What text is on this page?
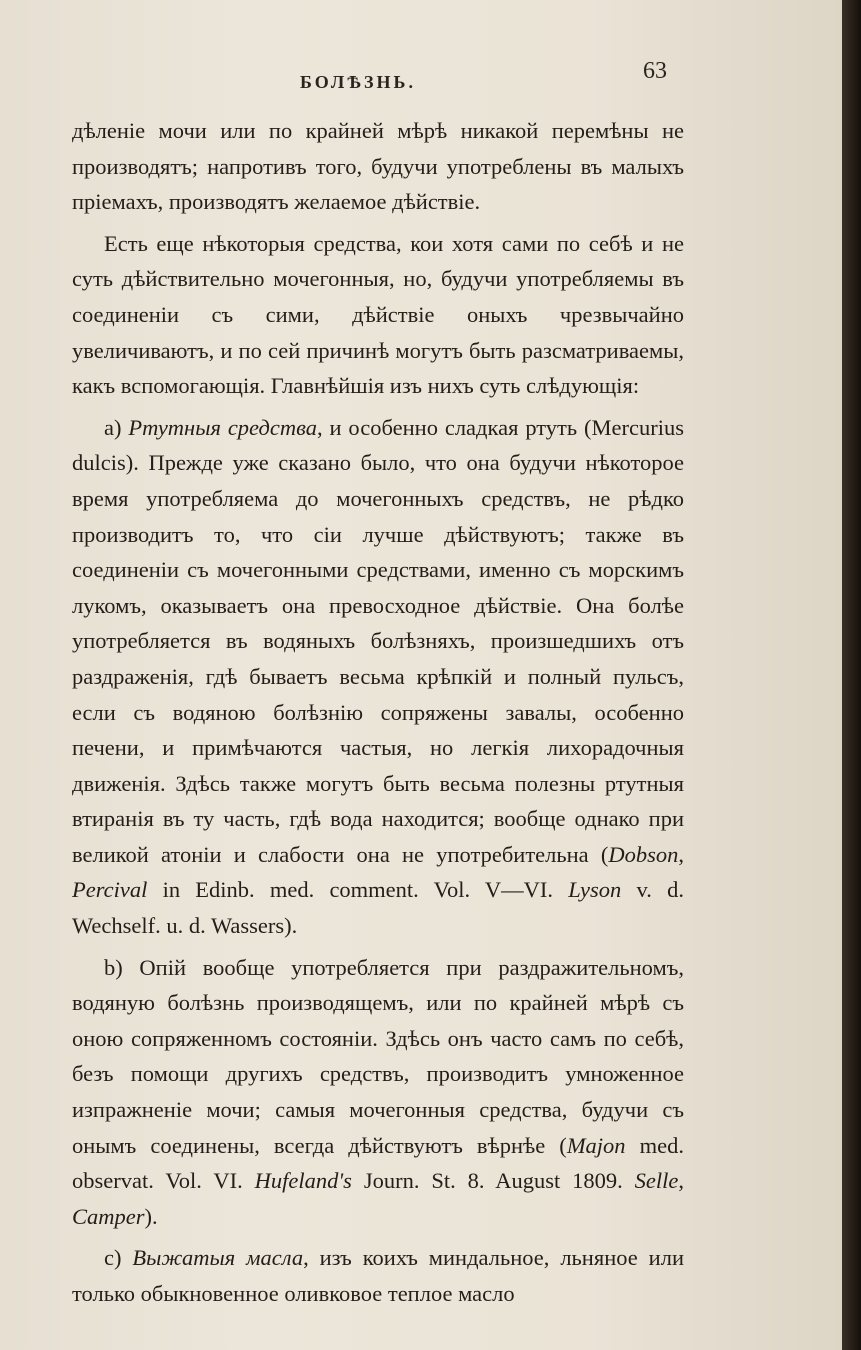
БОЛѢЗНЬ.	63

дѣленіе мочи или по крайней мѣрѣ никакой перемѣны не производятъ; напротивъ того, будучи употреблены въ малыхъ пріемахъ, производятъ желаемое дѣйствіе.

Есть еще нѣкоторыя средства, кои хотя сами по себѣ и не суть дѣйствительно мочегонныя, но, будучи употребляемы въ соединеніи съ сими, дѣйствіе оныхъ чрезвычайно увеличиваютъ, и по сей причинѣ могутъ быть разсматриваемы, какъ вспомогающія. Главнѣйшія изъ нихъ суть слѣдующія:

a) Ртутныя средства, и особенно сладкая ртуть (Mercurius dulcis). Прежде уже сказано было, что она будучи нѣкоторое время употребляема до мочегонныхъ средствъ, не рѣдко производитъ то, что сіи лучше дѣйствуютъ; также въ соединеніи съ мочегонными средствами, именно съ морскимъ лукомъ, оказываетъ она превосходное дѣйствіе. Она болѣе употребляется въ водяныхъ болѣзняхъ, произшедшихъ отъ раздраженія, гдѣ бываетъ весьма крѣпкій и полный пульсъ, если съ водяною болѣзнію сопряжены завалы, особенно печени, и примѣчаются частыя, но легкія лихорадочныя движенія. Здѣсь также могутъ быть весьма полезны ртутныя втиранія въ ту часть, гдѣ вода находится; вообще однако при великой атоніи и слабости она не употребительна (Dobson, Percival in Edinb. med. comment. Vol. V—VI. Lyson v. d. Wechself. u. d. Wassers).

b) Опій вообще употребляется при раздражительномъ, водяную болѣзнь производящемъ, или по крайней мѣрѣ съ оною сопряженномъ состояніи. Здѣсь онъ часто самъ по себѣ, безъ помощи другихъ средствъ, производитъ умноженное изпражненіе мочи; самыя мочегонныя средства, будучи съ онымъ соединены, всегда дѣйствуютъ вѣрнѣе (Majon med. observat. Vol. VI. Hufeland's Journ. St. 8. August 1809. Selle, Camper).

c) Выжатыя масла, изъ коихъ миндальное, льняное или только обыкновенное оливковое теплое масло
